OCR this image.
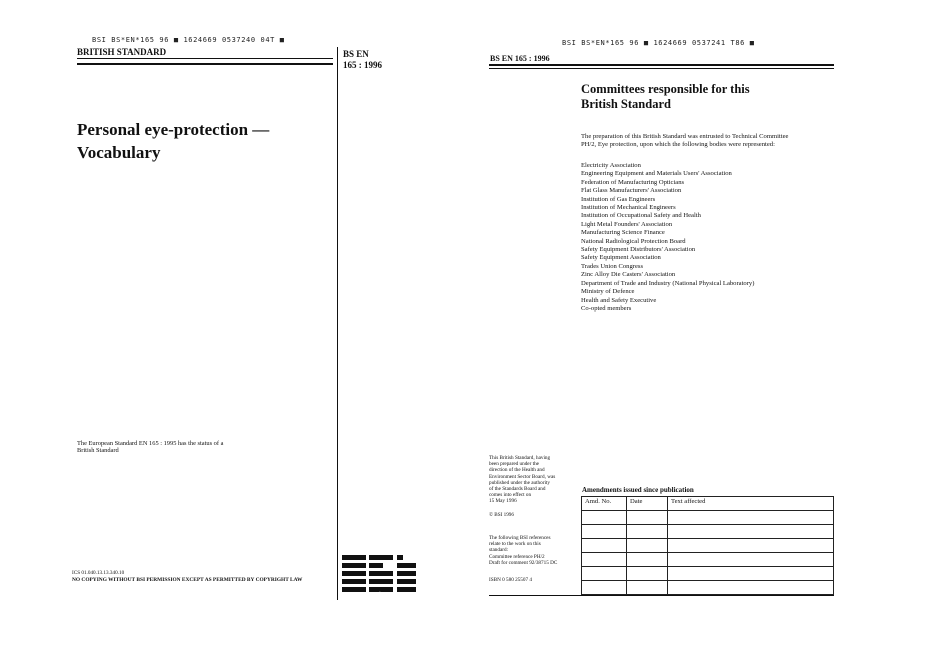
BSI BS*EN*165 96 ■ 1624669 0537240 04T ■
BRITISH STANDARD	BS EN
165 : 1996
Personal eye-protection —
Vocabulary
The European Standard EN 165 : 1995 has the status of a
British Standard
ICS 01.040.13.13.340.10
NO COPYING WITHOUT BSI PERMISSION EXCEPT AS PERMITTED BY COPYRIGHT LAW
BSI
BSI BS*EN*165 96 ■ 1624669 0537241 T86 ■
BS EN 165 : 1996
Committees responsible for this
British Standard
The preparation of this British Standard was entrusted to Technical Committee
PH/2, Eye protection, upon which the following bodies were represented:
Electricity Association
Engineering Equipment and Materials Users' Association
Federation of Manufacturing Opticians
Flat Glass Manufacturers' Association
Institution of Gas Engineers
Institution of Mechanical Engineers
Institution of Occupational Safety and Health
Light Metal Founders' Association
Manufacturing Science Finance
National Radiological Protection Board
Safety Equipment Distributors' Association
Safety Equipment Association
Trades Union Congress
Zinc Alloy Die Casters' Association
Department of Trade and Industry (National Physical Laboratory)
Ministry of Defence
Health and Safety Executive
Co-opted members
This British Standard, having
been prepared under the
direction of the Health and
Environment Sector Board, was
published under the authority
of the Standards Board and
comes into effect on
15 May 1996
© BSI 1996
The following BSI references
relate to the work on this
standard:
Committee reference PH/2
Draft for comment 92/38715 DC
ISBN 0 580 25507 4
Amendments issued since publication
Amd. No.	Date	Text affected
